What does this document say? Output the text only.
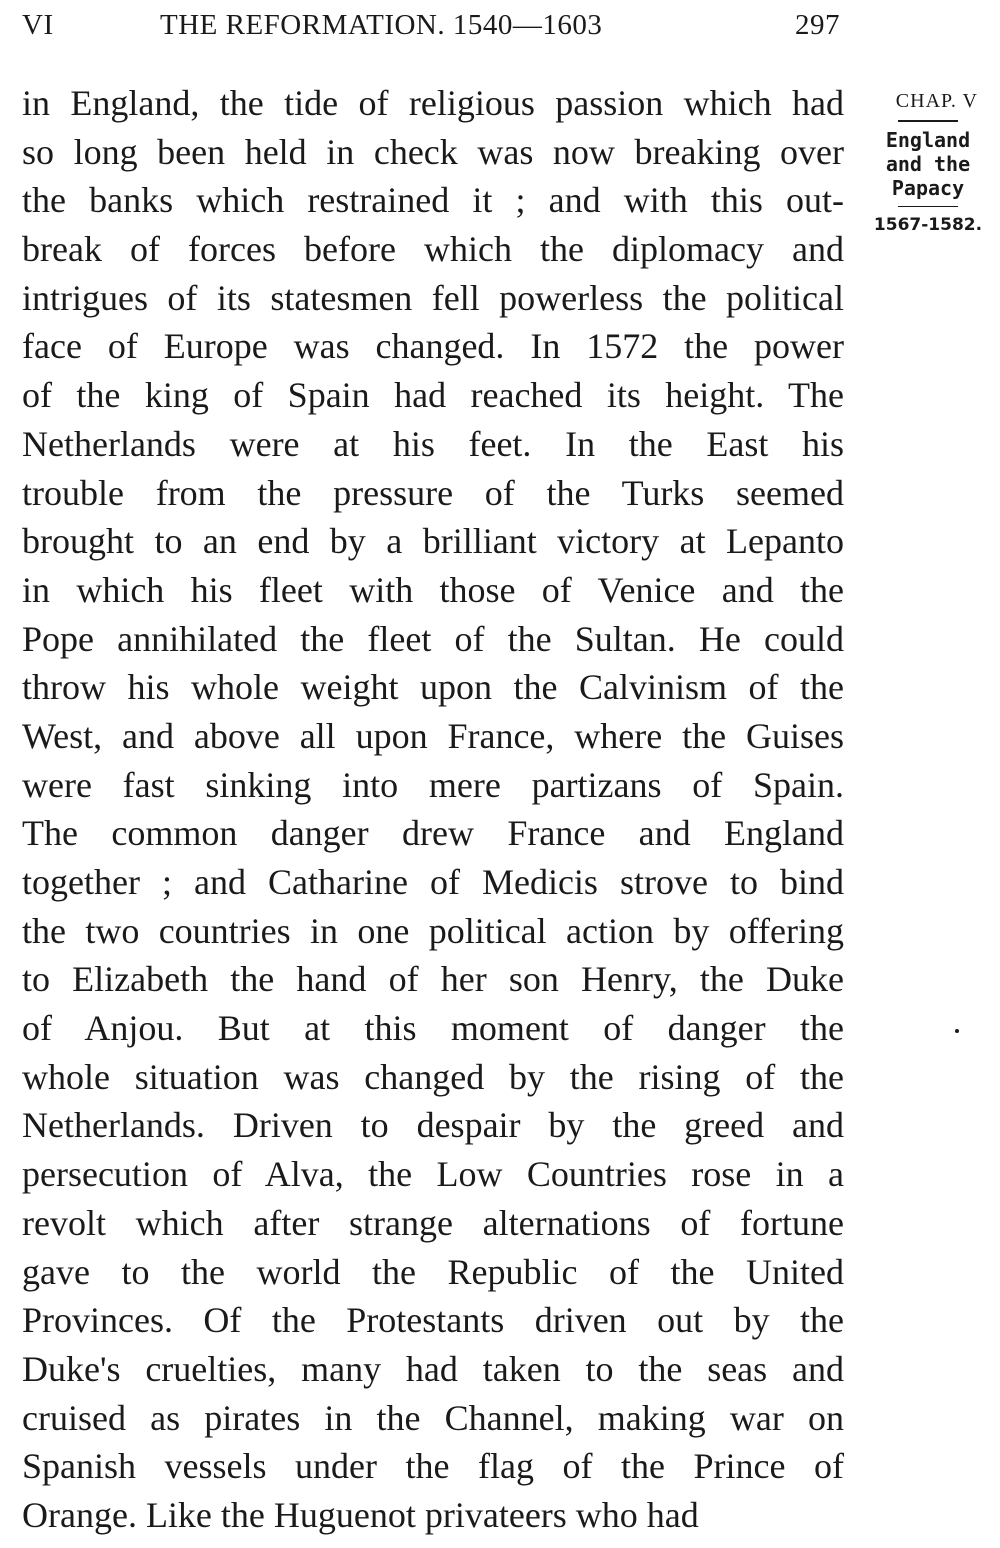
VI	THE REFORMATION. 1540—1603	297
in England, the tide of religious passion which had
so long been held in check was now breaking over
the banks which restrained it ; and with this out-
break of forces before which the diplomacy and
intrigues of its statesmen fell powerless the political
face of Europe was changed. In 1572 the power
of the king of Spain had reached its height. The
Netherlands were at his feet. In the East his
trouble from the pressure of the Turks seemed
brought to an end by a brilliant victory at Lepanto
in which his fleet with those of Venice and the
Pope annihilated the fleet of the Sultan. He could
throw his whole weight upon the Calvinism of the
West, and above all upon France, where the Guises
were fast sinking into mere partizans of Spain.
The common danger drew France and England
together ; and Catharine of Medicis strove to bind
the two countries in one political action by offering
to Elizabeth the hand of her son Henry, the Duke
of Anjou. But at this moment of danger the
whole situation was changed by the rising of the
Netherlands. Driven to despair by the greed and
persecution of Alva, the Low Countries rose in a
revolt which after strange alternations of fortune
gave to the world the Republic of the United
Provinces. Of the Protestants driven out by the
Duke's cruelties, many had taken to the seas and
cruised as pirates in the Channel, making war on
Spanish vessels under the flag of the Prince of
Orange. Like the Huguenot privateers who had
CHAP. V
England
and the
Papacy
1567-1582.
